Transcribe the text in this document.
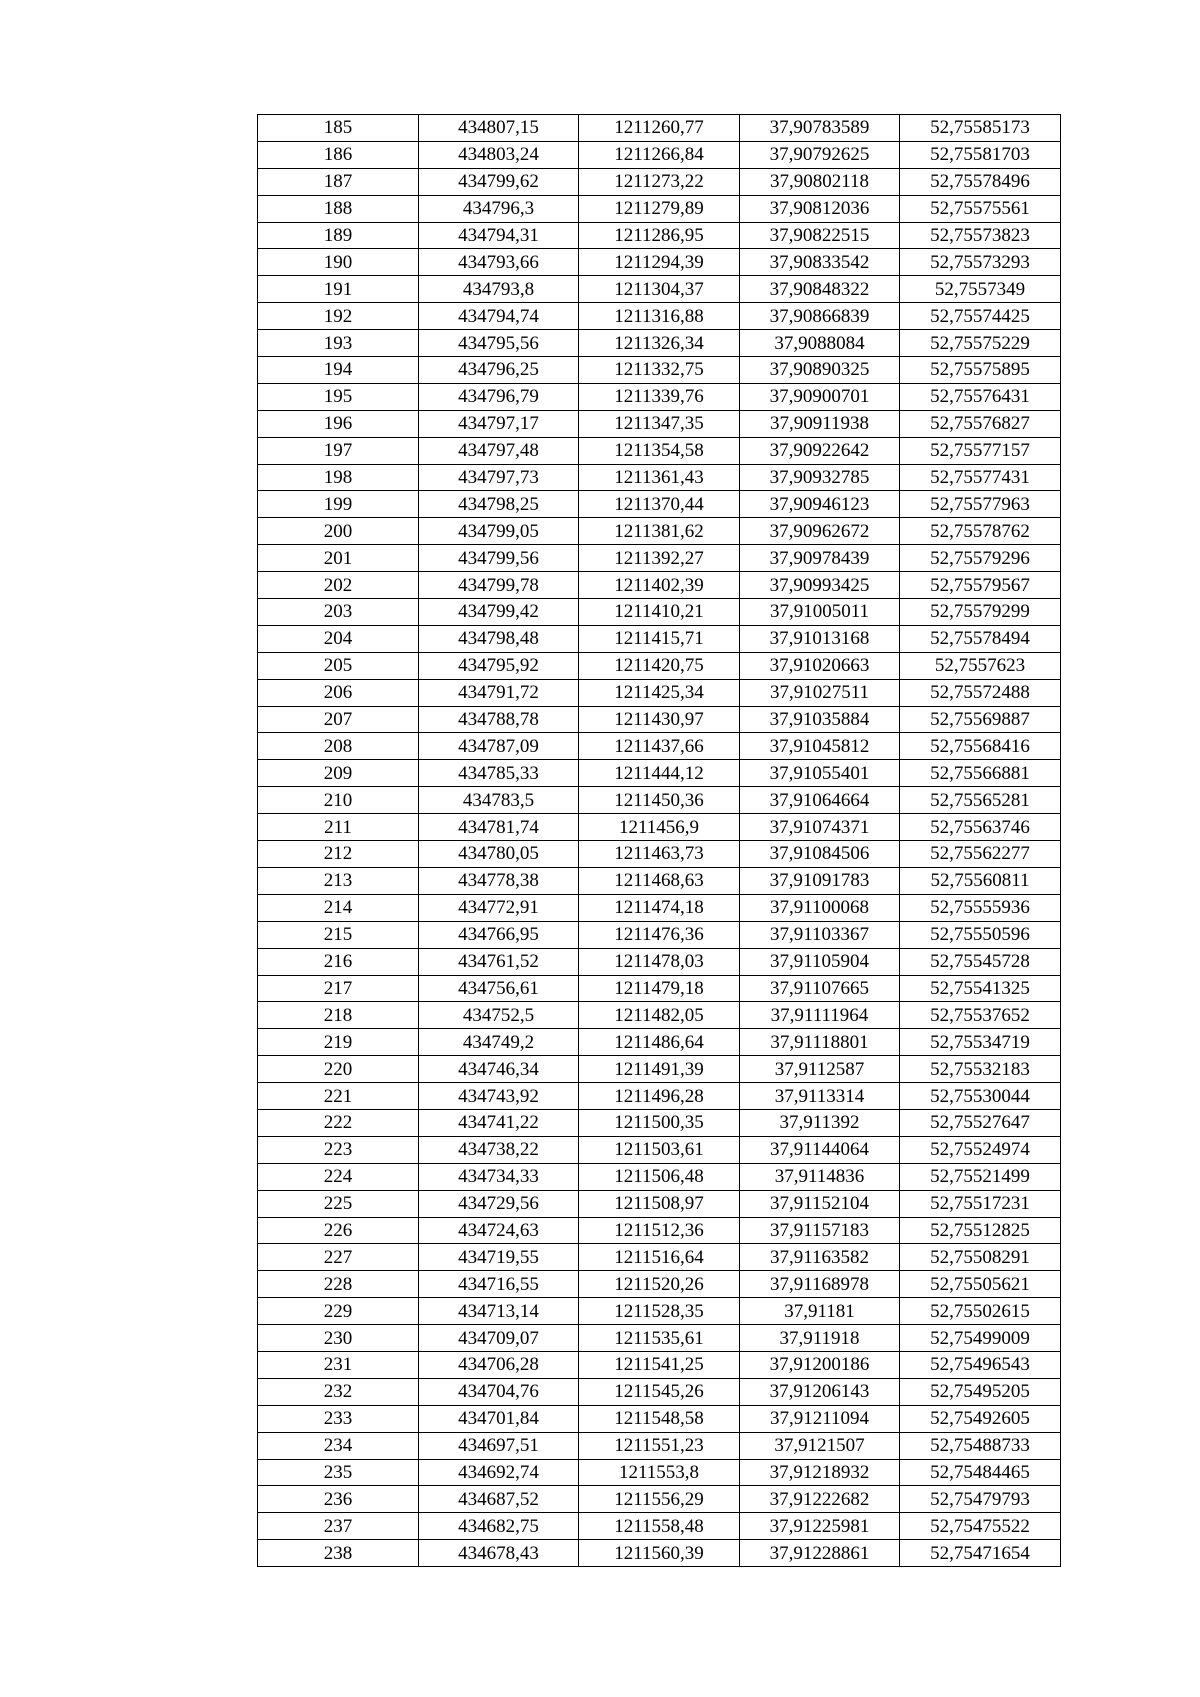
185	434807,15	1211260,77	37,90783589	52,75585173
186	434803,24	1211266,84	37,90792625	52,75581703
187	434799,62	1211273,22	37,90802118	52,75578496
188	434796,3	1211279,89	37,90812036	52,75575561
189	434794,31	1211286,95	37,90822515	52,75573823
190	434793,66	1211294,39	37,90833542	52,75573293
191	434793,8	1211304,37	37,90848322	52,7557349
192	434794,74	1211316,88	37,90866839	52,75574425
193	434795,56	1211326,34	37,9088084	52,75575229
194	434796,25	1211332,75	37,90890325	52,75575895
195	434796,79	1211339,76	37,90900701	52,75576431
196	434797,17	1211347,35	37,90911938	52,75576827
197	434797,48	1211354,58	37,90922642	52,75577157
198	434797,73	1211361,43	37,90932785	52,75577431
199	434798,25	1211370,44	37,90946123	52,75577963
200	434799,05	1211381,62	37,90962672	52,75578762
201	434799,56	1211392,27	37,90978439	52,75579296
202	434799,78	1211402,39	37,90993425	52,75579567
203	434799,42	1211410,21	37,91005011	52,75579299
204	434798,48	1211415,71	37,91013168	52,75578494
205	434795,92	1211420,75	37,91020663	52,7557623
206	434791,72	1211425,34	37,91027511	52,75572488
207	434788,78	1211430,97	37,91035884	52,75569887
208	434787,09	1211437,66	37,91045812	52,75568416
209	434785,33	1211444,12	37,91055401	52,75566881
210	434783,5	1211450,36	37,91064664	52,75565281
211	434781,74	1211456,9	37,91074371	52,75563746
212	434780,05	1211463,73	37,91084506	52,75562277
213	434778,38	1211468,63	37,91091783	52,75560811
214	434772,91	1211474,18	37,91100068	52,75555936
215	434766,95	1211476,36	37,91103367	52,75550596
216	434761,52	1211478,03	37,91105904	52,75545728
217	434756,61	1211479,18	37,91107665	52,75541325
218	434752,5	1211482,05	37,91111964	52,75537652
219	434749,2	1211486,64	37,91118801	52,75534719
220	434746,34	1211491,39	37,9112587	52,75532183
221	434743,92	1211496,28	37,9113314	52,75530044
222	434741,22	1211500,35	37,911392	52,75527647
223	434738,22	1211503,61	37,91144064	52,75524974
224	434734,33	1211506,48	37,9114836	52,75521499
225	434729,56	1211508,97	37,91152104	52,75517231
226	434724,63	1211512,36	37,91157183	52,75512825
227	434719,55	1211516,64	37,91163582	52,75508291
228	434716,55	1211520,26	37,91168978	52,75505621
229	434713,14	1211528,35	37,91181	52,75502615
230	434709,07	1211535,61	37,911918	52,75499009
231	434706,28	1211541,25	37,91200186	52,75496543
232	434704,76	1211545,26	37,91206143	52,75495205
233	434701,84	1211548,58	37,91211094	52,75492605
234	434697,51	1211551,23	37,9121507	52,75488733
235	434692,74	1211553,8	37,91218932	52,75484465
236	434687,52	1211556,29	37,91222682	52,75479793
237	434682,75	1211558,48	37,91225981	52,75475522
238	434678,43	1211560,39	37,91228861	52,75471654
